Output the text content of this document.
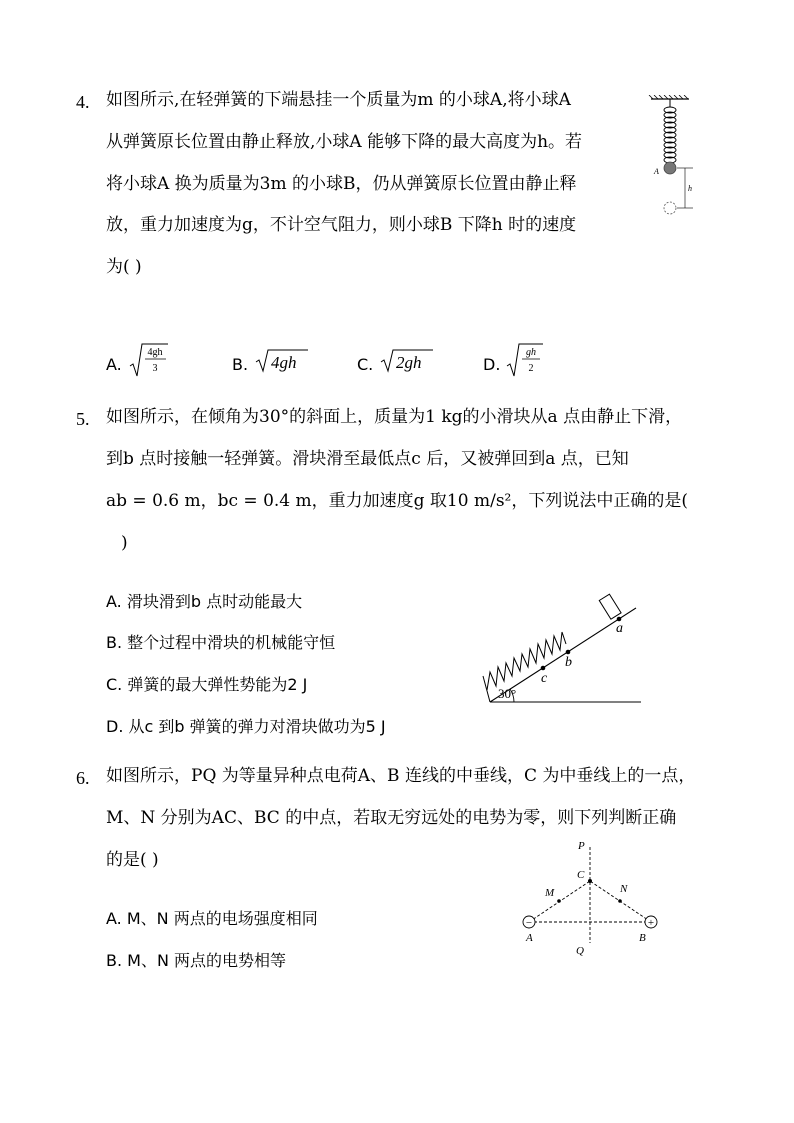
4. 如图所示,在轻弹簧的下端悬挂一个质量为m 的小球A,将小球A
从弹簧原长位置由静止释放,小球A 能够下降的最大高度为h。若
将小球A 换为质量为3m 的小球B，仍从弹簧原长位置由静止释
放，重力加速度为g，不计空气阻力，则小球B 下降h 时的速度
为( )
A.
4gh
3	B. 4gh	C. 2gh	D.
gh
2
A
h
5. 如图所示，在倾角为30°的斜面上，质量为1 kg的小滑块从a 点由静止下滑，
到b 点时接触一轻弹簧。滑块滑至最低点c 后，又被弹回到a 点，已知
ab = 0.6 m，bc = 0.4 m，重力加速度g 取10 m/s²，下列说法中正确的是(
)
A. 滑块滑到b 点时动能最大
B. 整个过程中滑块的机械能守恒
C. 弹簧的最大弹性势能为2 J
D. 从c 到b 弹簧的弹力对滑块做功为5 J
a
b
c
30°
6. 如图所示，PQ 为等量异种点电荷A、B 连线的中垂线，C 为中垂线上的一点，
M、N 分别为AC、BC 的中点，若取无穷远处的电势为零，则下列判断正确
的是( )
A. M、N 两点的电场强度相同
B. M、N 两点的电势相等
−	+
P
C
M	N
A	B
Q
